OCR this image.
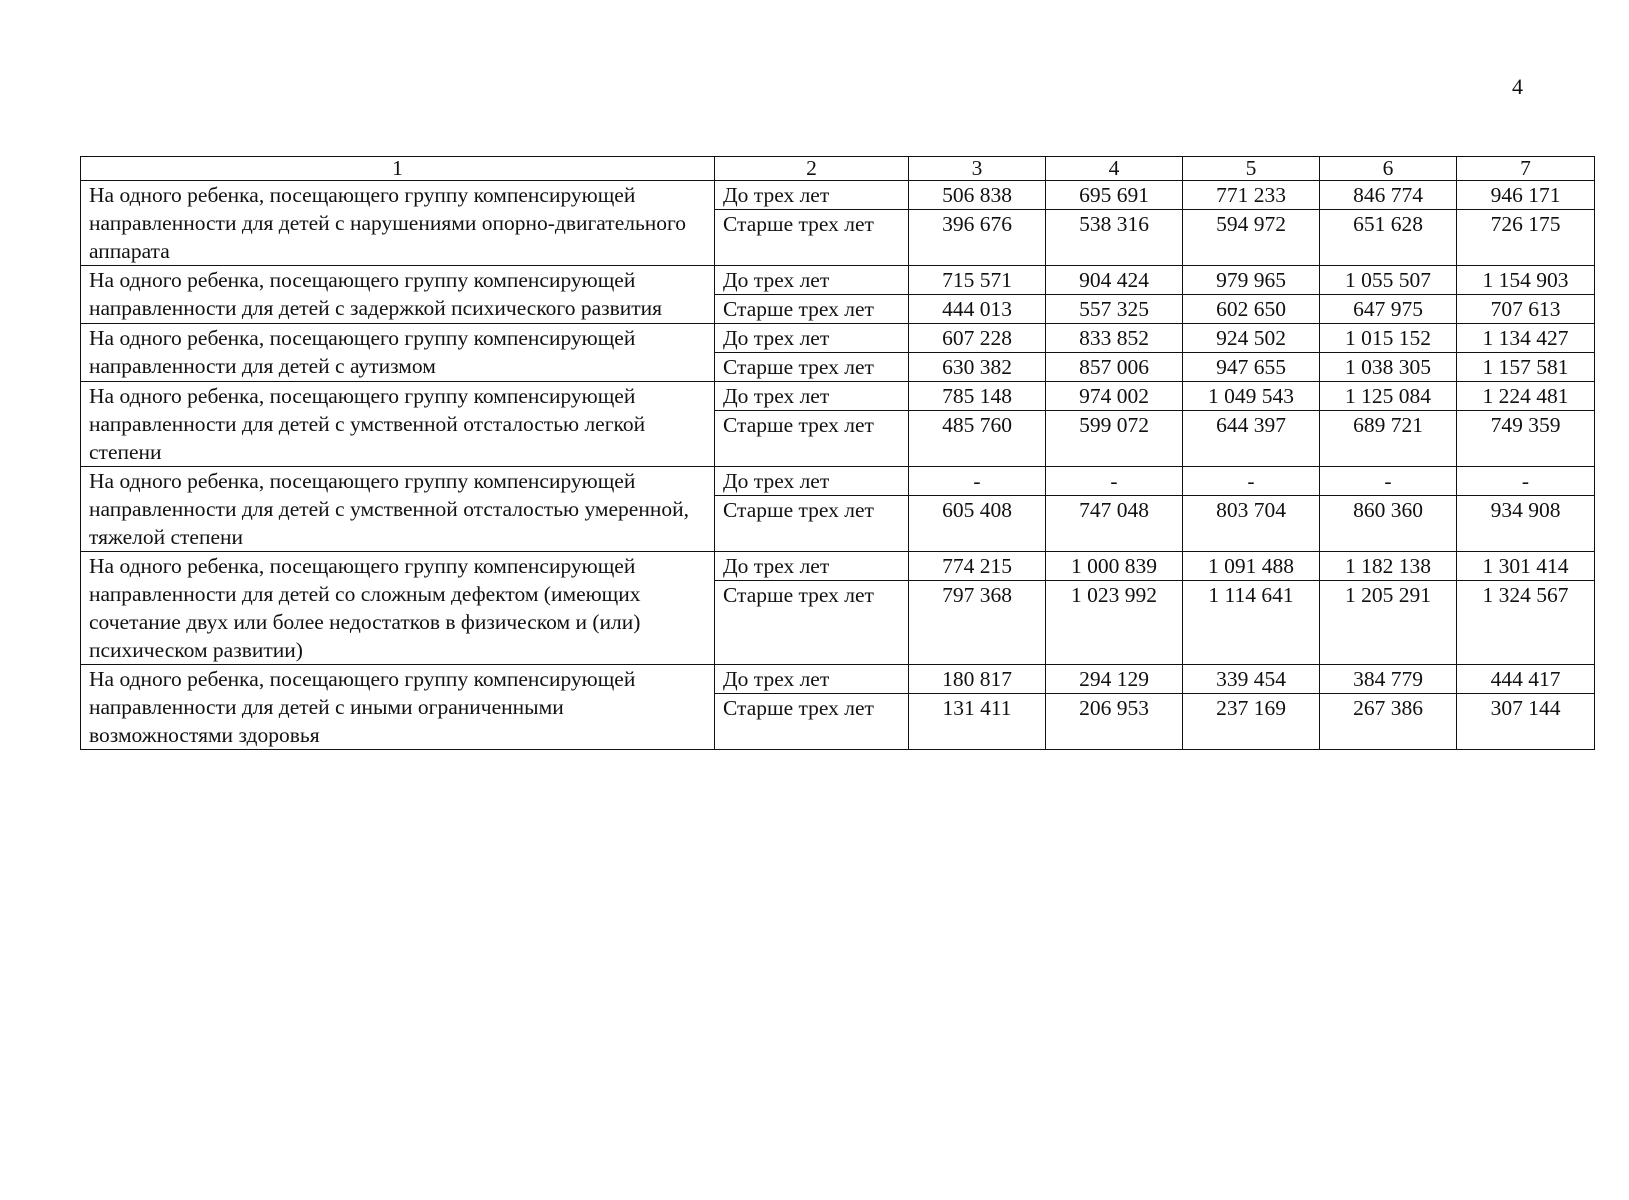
4
1	2	3	4	5	6	7
На одного ребенка, посещающего группу компенсирующей направленности для детей с нарушениями опорно-двигательного аппарата	До трех лет	506 838	695 691	771 233	846 774	946 171
	Старше трех лет	396 676	538 316	594 972	651 628	726 175
На одного ребенка, посещающего группу компенсирующей направленности для детей с задержкой психического развития	До трех лет	715 571	904 424	979 965	1 055 507	1 154 903
	Старше трех лет	444 013	557 325	602 650	647 975	707 613
На одного ребенка, посещающего группу компенсирующей направленности для детей с аутизмом	До трех лет	607 228	833 852	924 502	1 015 152	1 134 427
	Старше трех лет	630 382	857 006	947 655	1 038 305	1 157 581
На одного ребенка, посещающего группу компенсирующей направленности для детей с умственной отсталостью легкой степени	До трех лет	785 148	974 002	1 049 543	1 125 084	1 224 481
	Старше трех лет	485 760	599 072	644 397	689 721	749 359
На одного ребенка, посещающего группу компенсирующей направленности для детей с умственной отсталостью умеренной, тяжелой степени	До трех лет	-	-	-	-	-
	Старше трех лет	605 408	747 048	803 704	860 360	934 908
На одного ребенка, посещающего группу компенсирующей направленности для детей со сложным дефектом (имеющих сочетание двух или более недостатков в физическом и (или) психическом развитии)	До трех лет	774 215	1 000 839	1 091 488	1 182 138	1 301 414
	Старше трех лет	797 368	1 023 992	1 114 641	1 205 291	1 324 567
На одного ребенка, посещающего группу компенсирующей направленности для детей с иными ограниченными возможностями здоровья	До трех лет	180 817	294 129	339 454	384 779	444 417
	Старше трех лет	131 411	206 953	237 169	267 386	307 144
